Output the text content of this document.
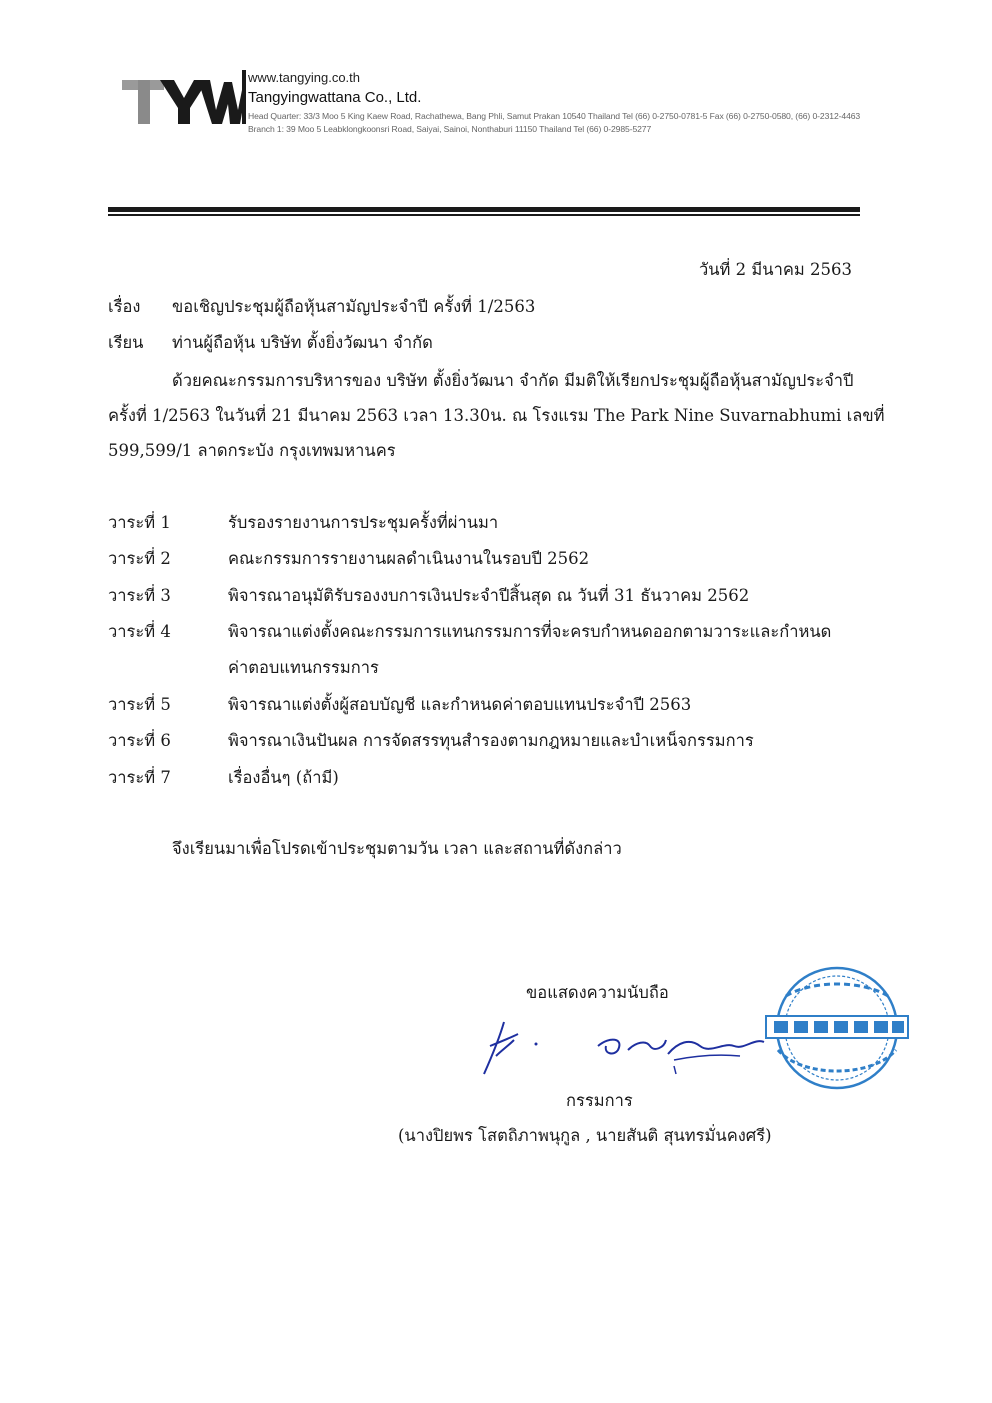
www.tangying.co.th
Tangyingwattana Co., Ltd.
Head Quarter: 33/3 Moo 5 King Kaew Road, Rachathewa, Bang Phli, Samut Prakan 10540 Thailand Tel (66) 0-2750-0781-5 Fax (66) 0-2750-0580, (66) 0-2312-4463
Branch 1: 39 Moo 5 Leabklongkoonsri Road, Saiyai, Sainoi, Nonthaburi 11150 Thailand Tel (66) 0-2985-5277
วันที่ 2 มีนาคม 2563
เรื่อง ขอเชิญประชุมผู้ถือหุ้นสามัญประจำปี ครั้งที่ 1/2563
เรียน ท่านผู้ถือหุ้น บริษัท ตั้งยิ่งวัฒนา จำกัด
ด้วยคณะกรรมการบริหารของ บริษัท ตั้งยิ่งวัฒนา จำกัด มีมติให้เรียกประชุมผู้ถือหุ้นสามัญประจำปี
ครั้งที่ 1/2563 ในวันที่ 21 มีนาคม 2563 เวลา 13.30น. ณ โรงแรม The Park Nine Suvarnabhumi เลขที่
599,599/1 ลาดกระบัง กรุงเทพมหานคร
วาระที่ 1	รับรองรายงานการประชุมครั้งที่ผ่านมา
วาระที่ 2	คณะกรรมการรายงานผลดำเนินงานในรอบปี 2562
วาระที่ 3	พิจารณาอนุมัติรับรองงบการเงินประจำปีสิ้นสุด ณ วันที่ 31 ธันวาคม 2562
วาระที่ 4	พิจารณาแต่งตั้งคณะกรรมการแทนกรรมการที่จะครบกำหนดออกตามวาระและกำหนด
ค่าตอบแทนกรรมการ
วาระที่ 5	พิจารณาแต่งตั้งผู้สอบบัญชี และกำหนดค่าตอบแทนประจำปี 2563
วาระที่ 6	พิจารณาเงินปันผล การจัดสรรทุนสำรองตามกฎหมายและบำเหน็จกรรมการ
วาระที่ 7	เรื่องอื่นๆ (ถ้ามี)
จึงเรียนมาเพื่อโปรดเข้าประชุมตามวัน เวลา และสถานที่ดังกล่าว
ขอแสดงความนับถือ
กรรมการ
(นางปิยพร โสตถิภาพนุกูล , นายสันติ สุนทรมั่นคงศรี)
